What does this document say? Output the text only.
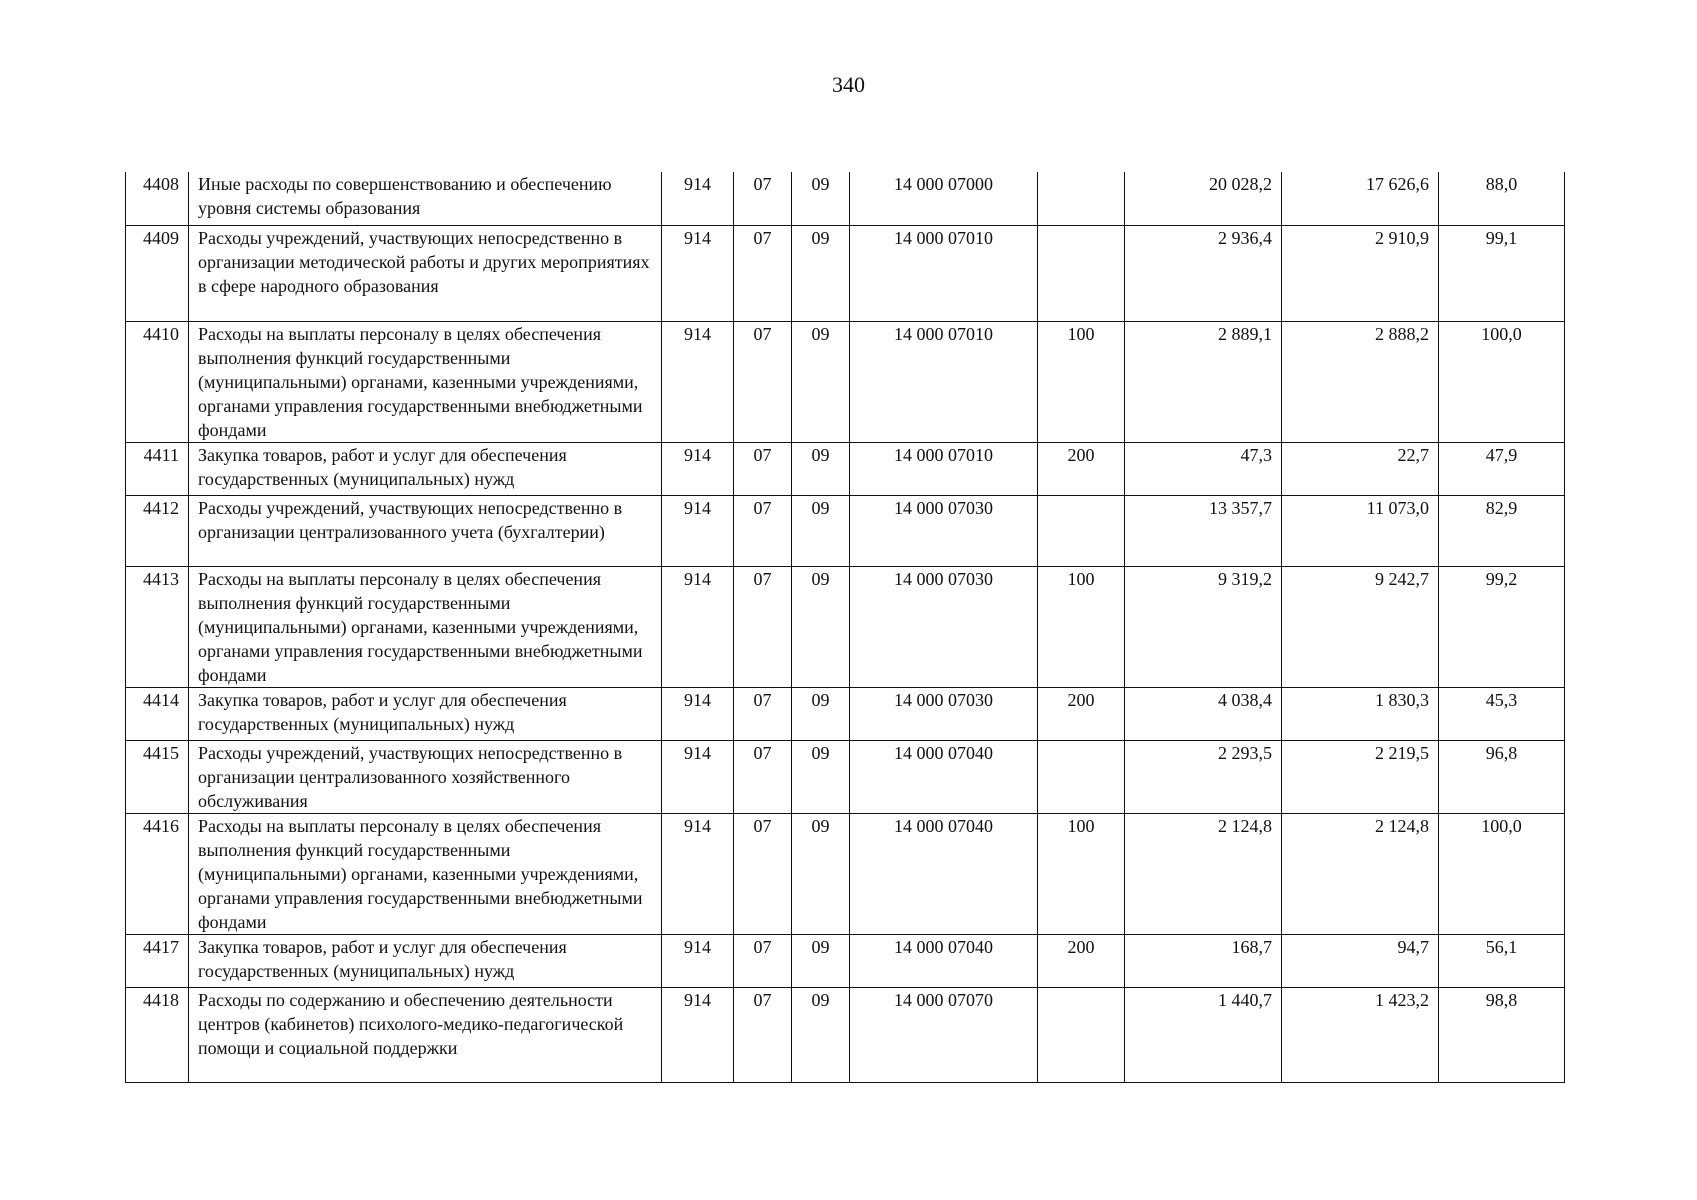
340
4408	Иные расходы по совершенствованию и обеспечению уровня системы образования	914	07	09	14 000 07000		20 028,2	17 626,6	88,0
4409	Расходы учреждений, участвующих непосредственно в организации методической работы и других мероприятиях в сфере народного образования	914	07	09	14 000 07010		2 936,4	2 910,9	99,1
4410	Расходы на выплаты персоналу в целях обеспечения выполнения функций государственными (муниципальными) органами, казенными учреждениями, органами управления государственными внебюджетными фондами	914	07	09	14 000 07010	100	2 889,1	2 888,2	100,0
4411	Закупка товаров, работ и услуг для обеспечения государственных (муниципальных) нужд	914	07	09	14 000 07010	200	47,3	22,7	47,9
4412	Расходы учреждений, участвующих непосредственно в организации централизованного учета (бухгалтерии)	914	07	09	14 000 07030		13 357,7	11 073,0	82,9
4413	Расходы на выплаты персоналу в целях обеспечения выполнения функций государственными (муниципальными) органами, казенными учреждениями, органами управления государственными внебюджетными фондами	914	07	09	14 000 07030	100	9 319,2	9 242,7	99,2
4414	Закупка товаров, работ и услуг для обеспечения государственных (муниципальных) нужд	914	07	09	14 000 07030	200	4 038,4	1 830,3	45,3
4415	Расходы учреждений, участвующих непосредственно в организации централизованного хозяйственного обслуживания	914	07	09	14 000 07040		2 293,5	2 219,5	96,8
4416	Расходы на выплаты персоналу в целях обеспечения выполнения функций государственными (муниципальными) органами, казенными учреждениями, органами управления государственными внебюджетными фондами	914	07	09	14 000 07040	100	2 124,8	2 124,8	100,0
4417	Закупка товаров, работ и услуг для обеспечения государственных (муниципальных) нужд	914	07	09	14 000 07040	200	168,7	94,7	56,1
4418	Расходы по содержанию и обеспечению деятельности центров (кабинетов) психолого-медико-педагогической помощи и социальной поддержки	914	07	09	14 000 07070		1 440,7	1 423,2	98,8
